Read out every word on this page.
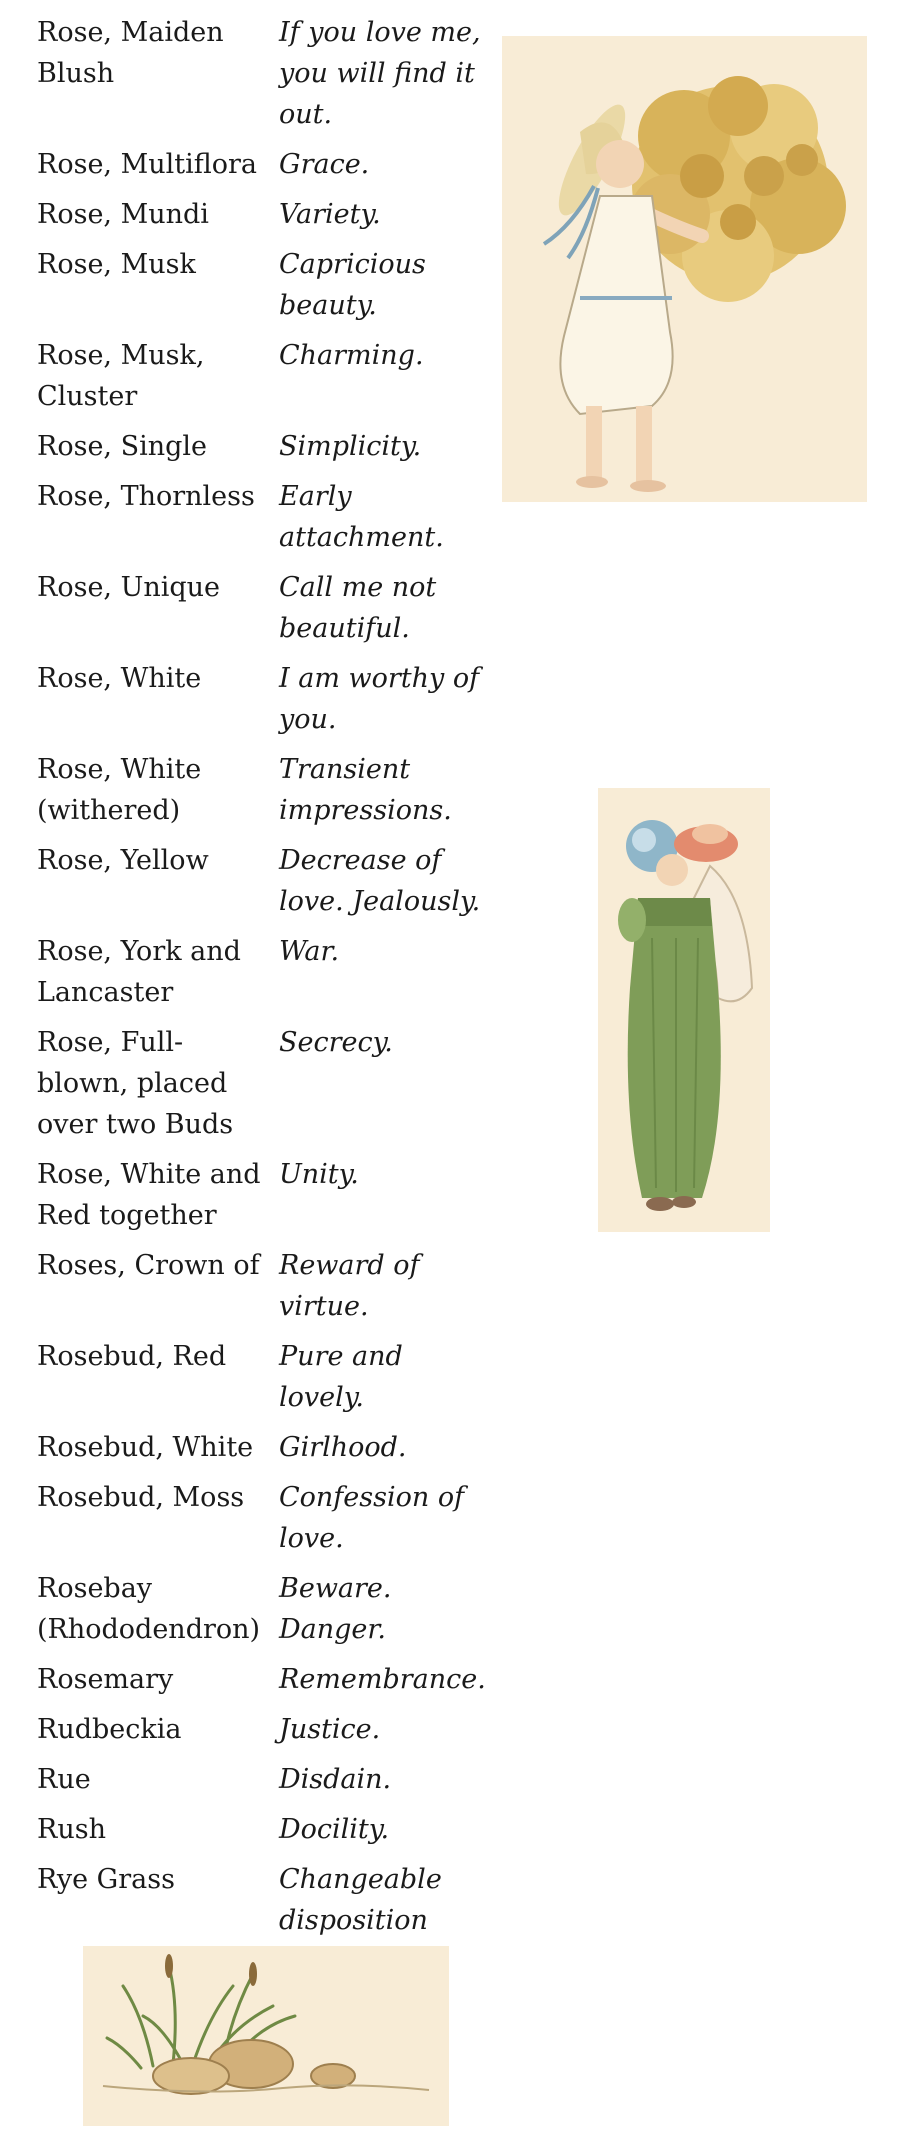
Rose, Maiden Blush	If you love me, you will find it out.
Rose, Multiflora	Grace.
Rose, Mundi	Variety.
Rose, Musk	Capricious beauty.
Rose, Musk, Cluster	Charming.
Rose, Single	Simplicity.
Rose, Thornless	Early attachment.
Rose, Unique	Call me not beautiful.
Rose, White	I am worthy of you.
Rose, White (withered)	Transient impressions.
Rose, Yellow	Decrease of love. Jealously.
Rose, York and Lancaster	War.
Rose, Full-blown, placed over two Buds	Secrecy.
Rose, White and Red together	Unity.
Roses, Crown of	Reward of virtue.
Rosebud, Red	Pure and lovely.
Rosebud, White	Girlhood.
Rosebud, Moss	Confession of love.
Rosebay (Rhododendron)	Beware. Danger.
Rosemary	Remembrance.
Rudbeckia	Justice.
Rue	Disdain.
Rush	Docility.
Rye Grass	Changeable disposition
